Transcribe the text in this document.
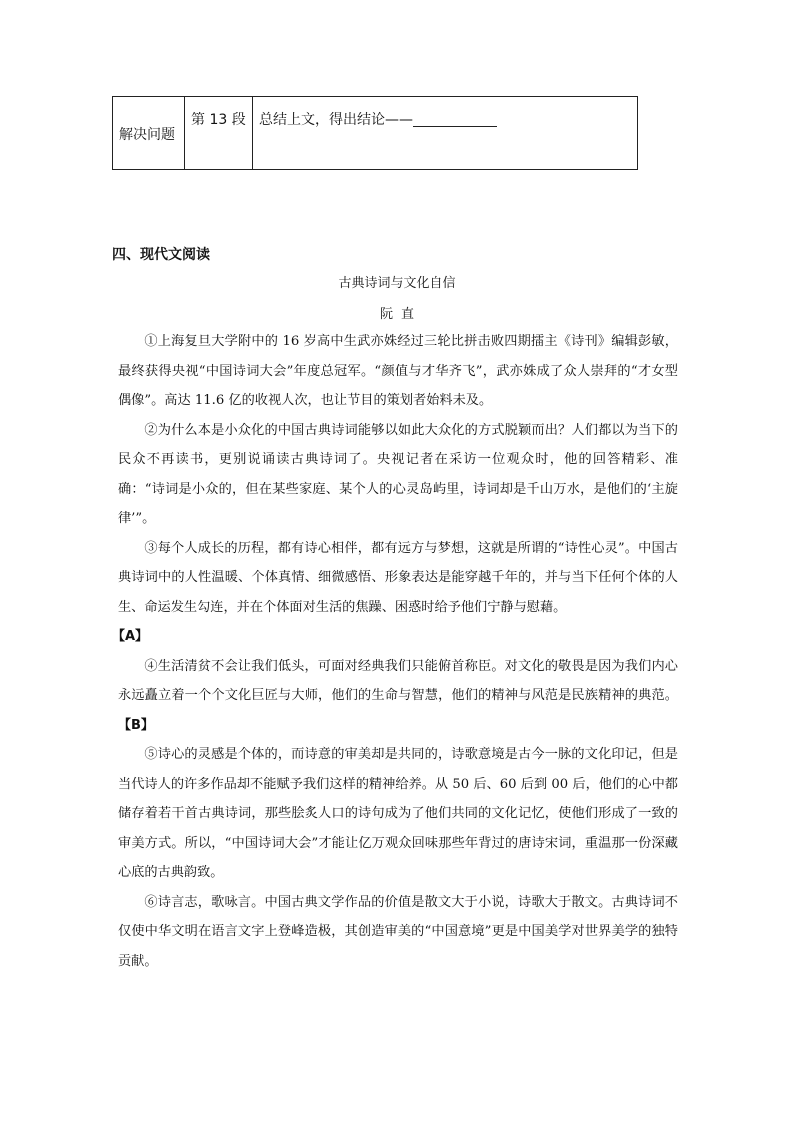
解决问题
第 13 段 总结上文，得出结论——
四、现代文阅读
古典诗词与文化自信
阮直

①上海复旦大学附中的 16 岁高中生武亦姝经过三轮比拼击败四期擂主《诗刊》编辑彭敏，最终获得央视“中国诗词大会”年度总冠军。“颜值与才华齐飞”，武亦姝成了众人崇拜的“才女型偶像”。高达 11.6 亿的收视人次，也让节目的策划者始料未及。

②为什么本是小众化的中国古典诗词能够以如此大众化的方式脱颖而出？人们都以为当下的民众不再读书，更别说诵读古典诗词了。央视记者在采访一位观众时，他的回答精彩、准确：“诗词是小众的，但在某些家庭、某个人的心灵岛屿里，诗词却是千山万水，是他们的‘主旋律’”。

③每个人成长的历程，都有诗心相伴，都有远方与梦想，这就是所谓的“诗性心灵”。中国古典诗词中的人性温暖、个体真情、细微感悟、形象表达是能穿越千年的，并与当下任何个体的人生、命运发生勾连，并在个体面对生活的焦躁、困惑时给予他们宁静与慰藉。

【A】

④生活清贫不会让我们低头，可面对经典我们只能俯首称臣。对文化的敬畏是因为我们内心永远矗立着一个个文化巨匠与大师，他们的生命与智慧，他们的精神与风范是民族精神的典范。【B】

⑤诗心的灵感是个体的，而诗意的审美却是共同的，诗歌意境是古今一脉的文化印记，但是当代诗人的许多作品却不能赋予我们这样的精神给养。从 50 后、60 后到 00 后，他们的心中都储存着若干首古典诗词，那些脍炙人口的诗句成为了他们共同的文化记忆，使他们形成了一致的审美方式。所以，“中国诗词大会”才能让亿万观众回味那些年背过的唐诗宋词，重温那一份深藏心底的古典韵致。

⑥诗言志，歌咏言。中国古典文学作品的价值是散文大于小说，诗歌大于散文。古典诗词不仅使中华文明在语言文字上登峰造极，其创造审美的“中国意境”更是中国美学对世界美学的独特贡献。
